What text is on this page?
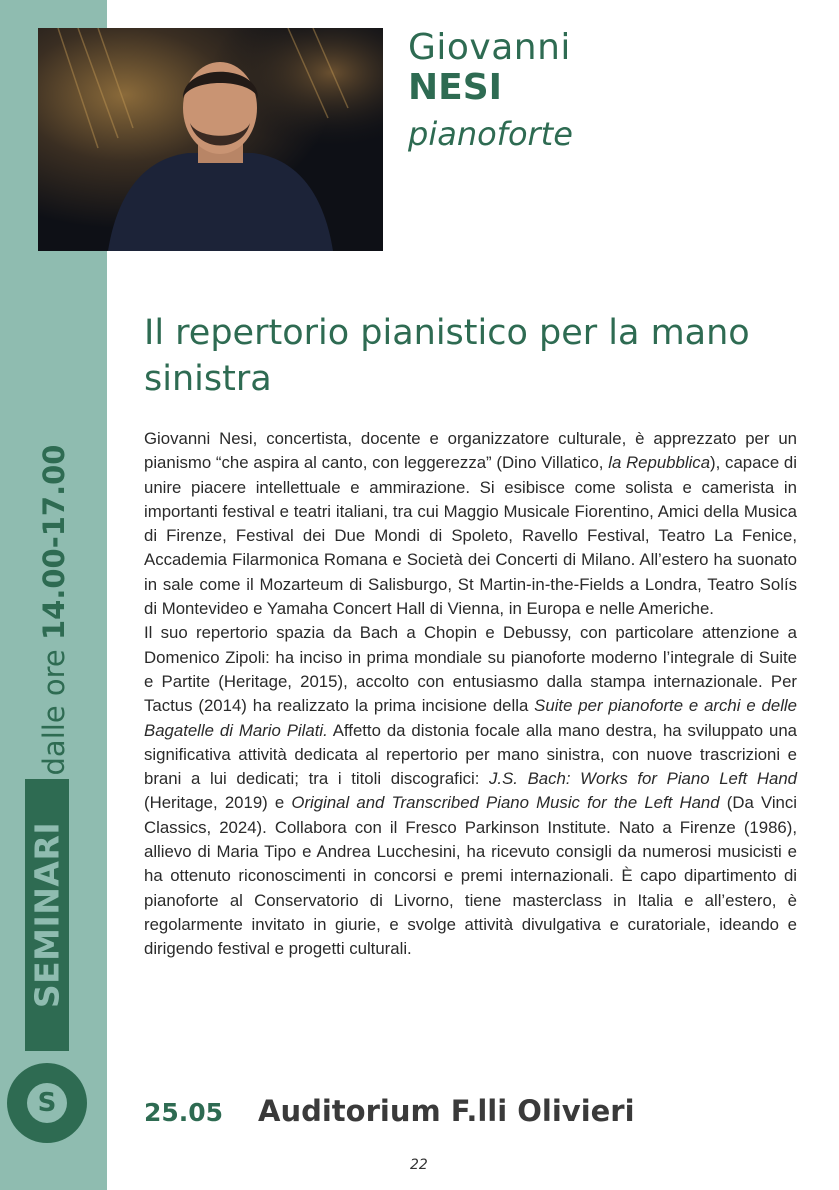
dalle ore 14.00-17.00
SEMINARI
S
Giovanni
NESI
pianoforte
Il repertorio pianistico per la mano sinistra

Giovanni Nesi, concertista, docente e organizzatore culturale, è apprezzato per un pianismo “che aspira al canto, con leggerezza” (Dino Villatico, la Repubblica), capace di unire piacere intellettuale e ammirazione. Si esibisce come solista e camerista in importanti festival e teatri italiani, tra cui Maggio Musicale Fiorentino, Amici della Musica di Firenze, Festival dei Due Mondi di Spoleto, Ravello Festival, Teatro La Fenice, Accademia Filarmonica Romana e Società dei Concerti di Milano. All’estero ha suonato in sale come il Mozarteum di Salisburgo, St Martin-in-the-Fields a Londra, Teatro Solís di Montevideo e Yamaha Concert Hall di Vienna, in Europa e nelle Americhe.

Il suo repertorio spazia da Bach a Chopin e Debussy, con particolare attenzione a Domenico Zipoli: ha inciso in prima mondiale su pianoforte moderno l’integrale di Suite e Partite (Heritage, 2015), accolto con entusiasmo dalla stampa internazionale. Per Tactus (2014) ha realizzato la prima incisione della Suite per pianoforte e archi e delle Bagatelle di Mario Pilati. Affetto da distonia focale alla mano destra, ha sviluppato una significativa attività dedicata al repertorio per mano sinistra, con nuove trascrizioni e brani a lui dedicati; tra i titoli discografici: J.S. Bach: Works for Piano Left Hand (Heritage, 2019) e Original and Transcribed Piano Music for the Left Hand (Da Vinci Classics, 2024). Collabora con il Fresco Parkinson Institute. Nato a Firenze (1986), allievo di Maria Tipo e Andrea Lucchesini, ha ricevuto consigli da numerosi musicisti e ha ottenuto riconoscimenti in concorsi e premi internazionali. È capo dipartimento di pianoforte al Conservatorio di Livorno, tiene masterclass in Italia e all’estero, è regolarmente invitato in giurie, e svolge attività divulgativa e curatoriale, ideando e dirigendo festival e progetti culturali.

25.05 Auditorium F.lli Olivieri
22
